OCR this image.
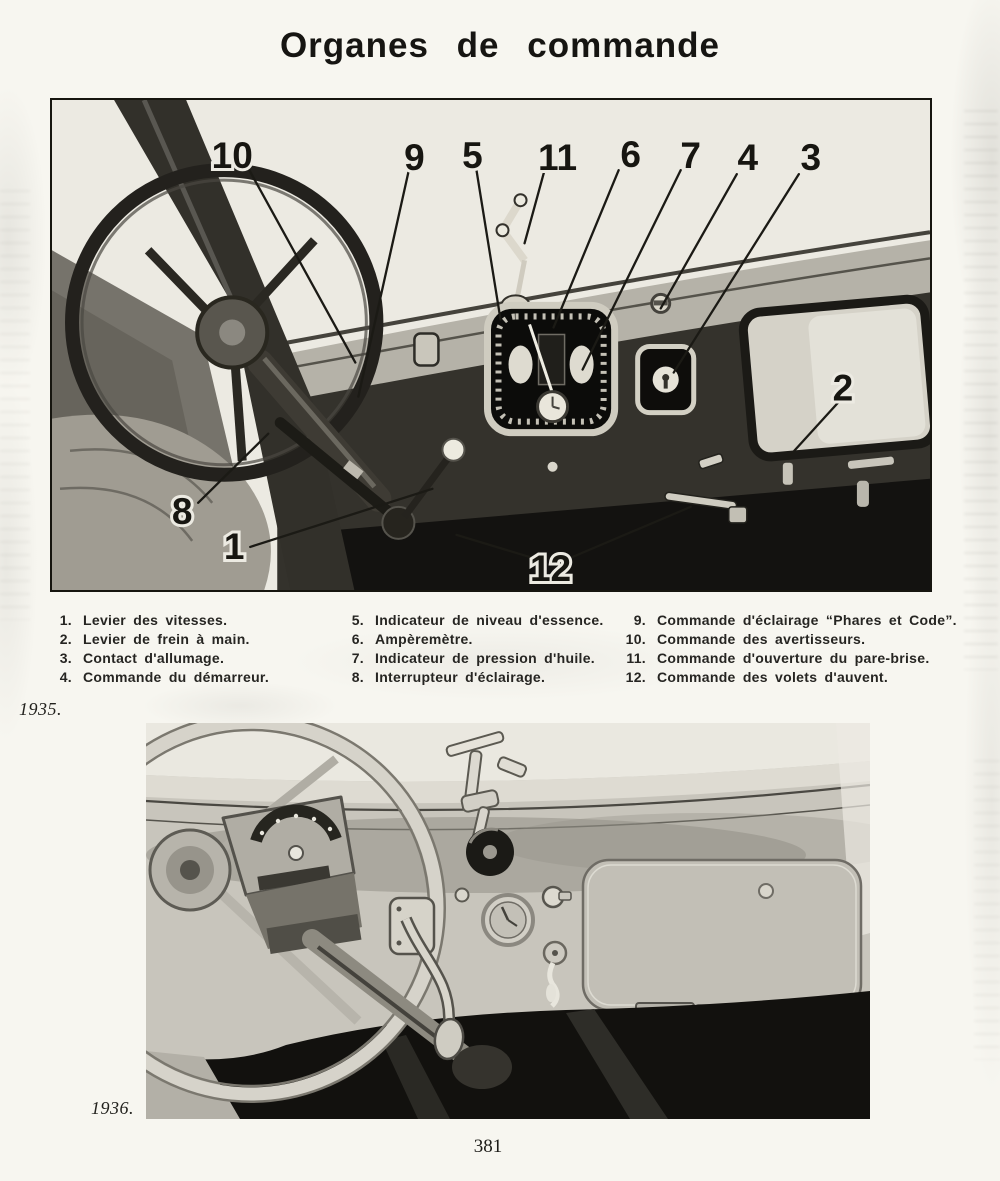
Organes de commande
10	9 5 11 6 7 4 3
8
1
12
2
1. Levier des vitesses.
2. Levier de frein à main.
3. Contact d'allumage.
4. Commande du démarreur.
5. Indicateur de niveau d'essence.
6. Ampèremètre.
7. Indicateur de pression d'huile.
8. Interrupteur d'éclairage.
9. Commande d'éclairage “Phares et Code”.
10. Commande des avertisseurs.
11. Commande d'ouverture du pare-brise.
12. Commande des volets d'auvent.
1935.
1936.
381
